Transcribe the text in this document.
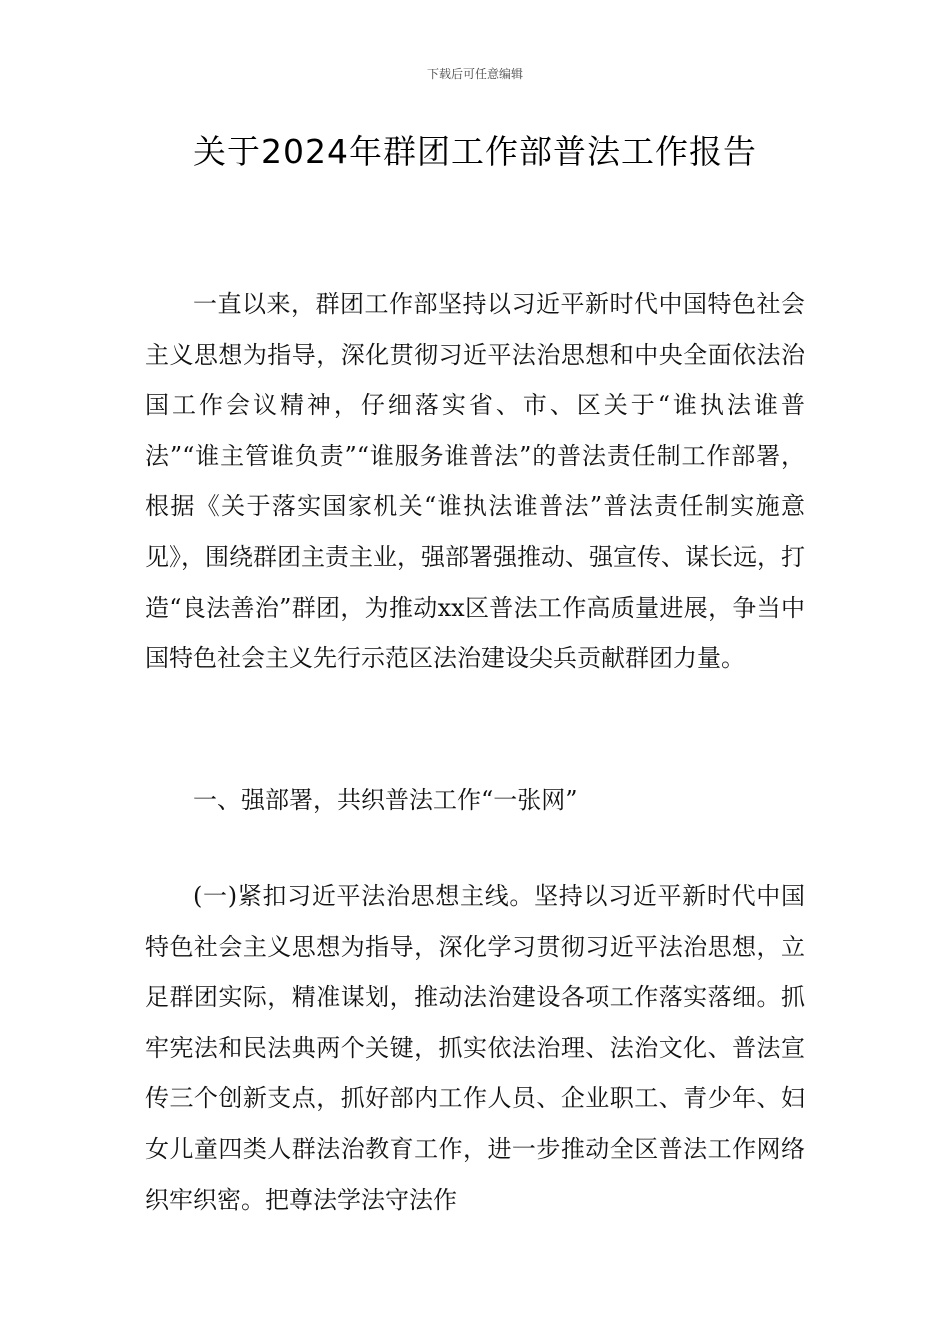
下载后可任意编辑
关于2024年群团工作部普法工作报告

一直以来，群团工作部坚持以习近平新时代中国特色社会主义思想为指导，深化贯彻习近平法治思想和中央全面依法治国工作会议精神，仔细落实省、市、区关于“谁执法谁普法”“谁主管谁负责”“谁服务谁普法”的普法责任制工作部署，根据《关于落实国家机关“谁执法谁普法”普法责任制实施意见》，围绕群团主责主业，强部署强推动、强宣传、谋长远，打造“良法善治”群团，为推动xx区普法工作高质量进展，争当中国特色社会主义先行示范区法治建设尖兵贡献群团力量。

一、强部署，共织普法工作“一张网”

(一)紧扣习近平法治思想主线。坚持以习近平新时代中国特色社会主义思想为指导，深化学习贯彻习近平法治思想，立足群团实际，精准谋划，推动法治建设各项工作落实落细。抓牢宪法和民法典两个关键，抓实依法治理、法治文化、普法宣传三个创新支点，抓好部内工作人员、企业职工、青少年、妇女儿童四类人群法治教育工作，进一步推动全区普法工作网络织牢织密。把尊法学法守法作
